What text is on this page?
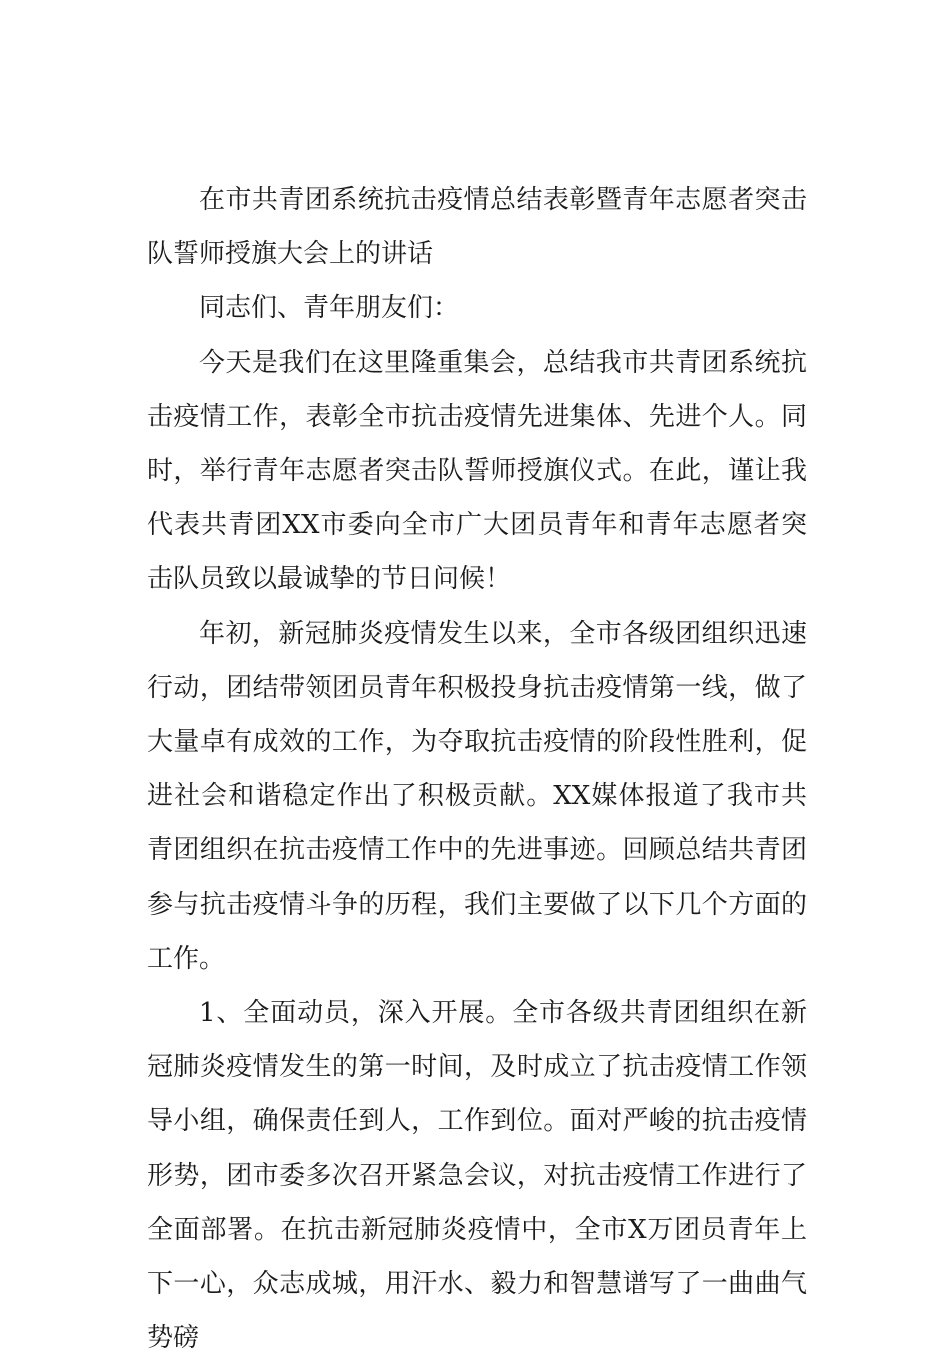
在市共青团系统抗击疫情总结表彰暨青年志愿者突击队誓师授旗大会上的讲话

同志们、青年朋友们：

今天是我们在这里隆重集会，总结我市共青团系统抗击疫情工作，表彰全市抗击疫情先进集体、先进个人。同时，举行青年志愿者突击队誓师授旗仪式。在此，谨让我代表共青团XX市委向全市广大团员青年和青年志愿者突击队员致以最诚挚的节日问候！

年初，新冠肺炎疫情发生以来，全市各级团组织迅速行动，团结带领团员青年积极投身抗击疫情第一线，做了大量卓有成效的工作，为夺取抗击疫情的阶段性胜利，促进社会和谐稳定作出了积极贡献。XX媒体报道了我市共青团组织在抗击疫情工作中的先进事迹。回顾总结共青团参与抗击疫情斗争的历程，我们主要做了以下几个方面的工作。

1、全面动员，深入开展。全市各级共青团组织在新冠肺炎疫情发生的第一时间，及时成立了抗击疫情工作领导小组，确保责任到人，工作到位。面对严峻的抗击疫情形势，团市委多次召开紧急会议，对抗击疫情工作进行了全面部署。在抗击新冠肺炎疫情中，全市X万团员青年上下一心，众志成城，用汗水、毅力和智慧谱写了一曲曲气势磅
